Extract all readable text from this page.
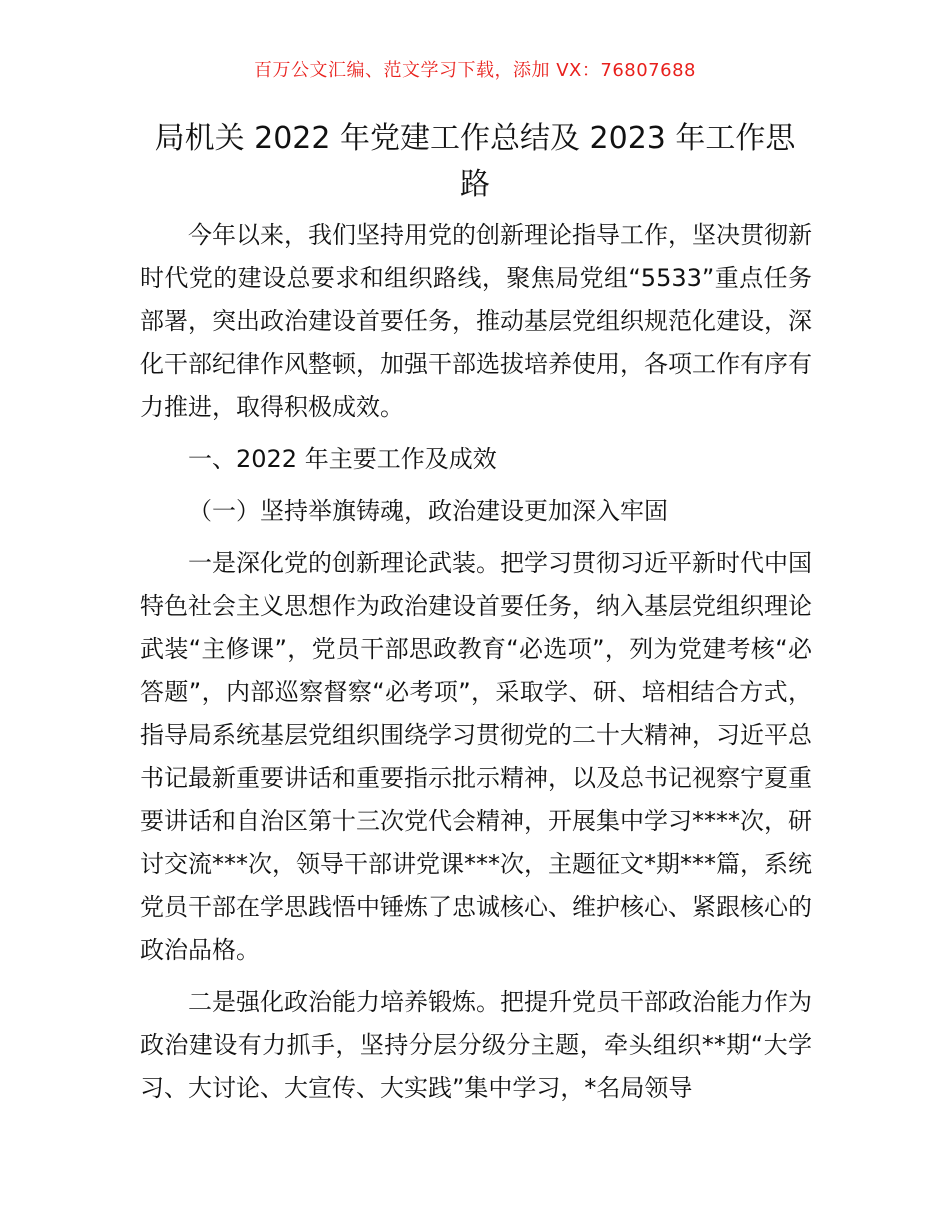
百万公文汇编、范文学习下载，添加 VX：76807688
局机关 2022 年党建工作总结及 2023 年工作思路

今年以来，我们坚持用党的创新理论指导工作，坚决贯彻新时代党的建设总要求和组织路线，聚焦局党组“5533”重点任务部署，突出政治建设首要任务，推动基层党组织规范化建设，深化干部纪律作风整顿，加强干部选拔培养使用，各项工作有序有力推进，取得积极成效。

一、2022 年主要工作及成效

（一）坚持举旗铸魂，政治建设更加深入牢固

一是深化党的创新理论武装。把学习贯彻习近平新时代中国特色社会主义思想作为政治建设首要任务，纳入基层党组织理论武装“主修课”，党员干部思政教育“必选项”，列为党建考核“必答题”，内部巡察督察“必考项”，采取学、研、培相结合方式，指导局系统基层党组织围绕学习贯彻党的二十大精神，习近平总书记最新重要讲话和重要指示批示精神，以及总书记视察宁夏重要讲话和自治区第十三次党代会精神，开展集中学习****次，研讨交流***次，领导干部讲党课***次，主题征文*期***篇，系统党员干部在学思践悟中锤炼了忠诚核心、维护核心、紧跟核心的政治品格。

二是强化政治能力培养锻炼。把提升党员干部政治能力作为政治建设有力抓手，坚持分层分级分主题，牵头组织**期“大学习、大讨论、大宣传、大实践”集中学习，*名局领导
